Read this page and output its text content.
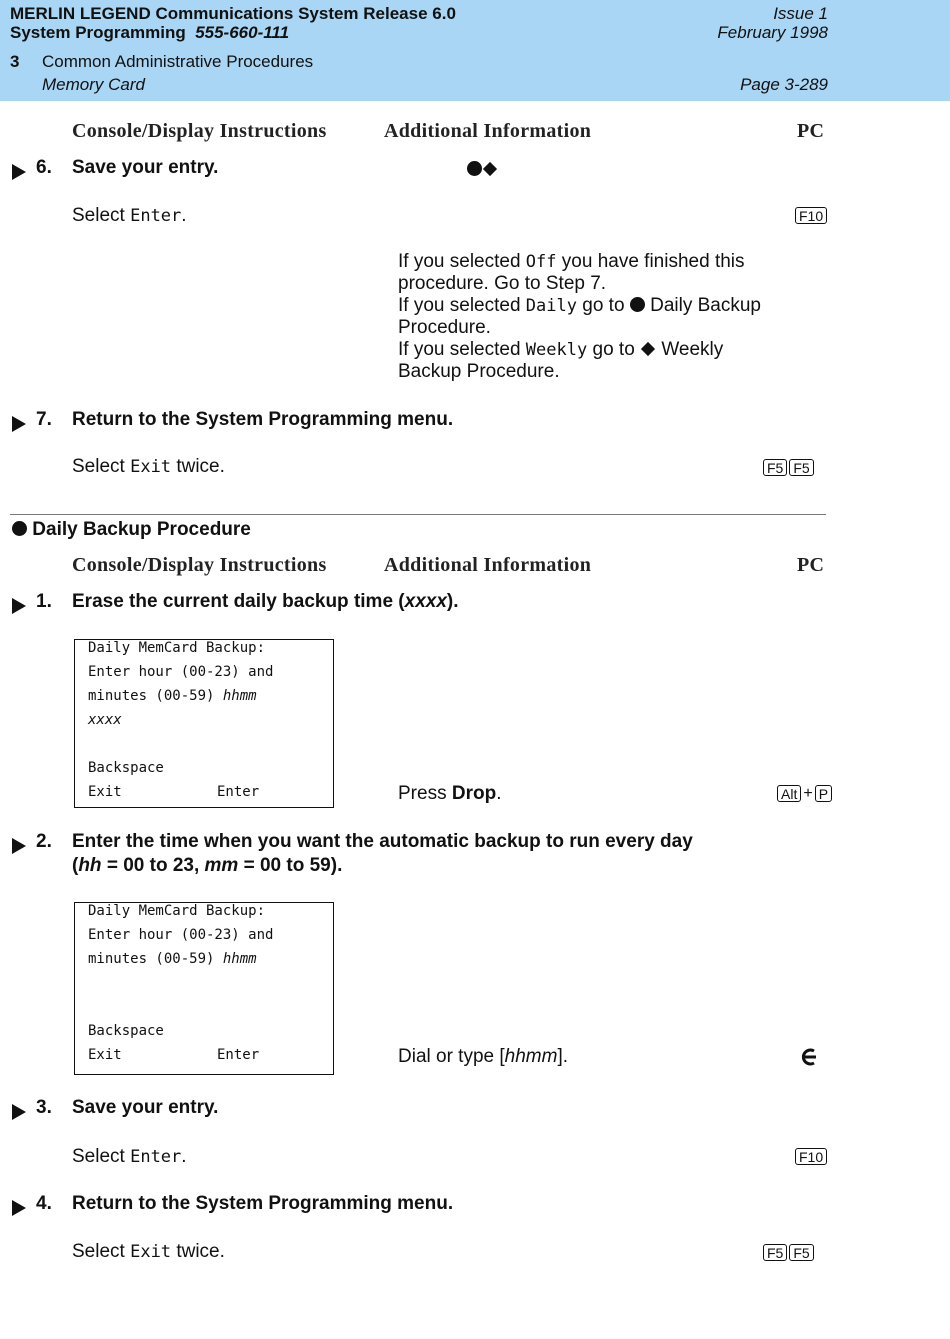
MERLIN LEGEND Communications System Release 6.0	Issue 1
System Programming 555-660-111	February 1998
3 Common Administrative Procedures
Memory Card	Page 3-289
Console/Display Instructions	Additional Information	PC
6. Save your entry.
Select Enter.	F10
If you selected Off you have finished this
procedure. Go to Step 7.
If you selected Daily go to  Daily Backup
Procedure.
If you selected Weekly go to  Weekly
Backup Procedure.
7. Return to the System Programming menu.
Select Exit twice.	F5 F5
Daily Backup Procedure
Console/Display Instructions	Additional Information	PC
1. Erase the current daily backup time (xxxx).
Daily MemCard Backup:
Enter hour (00-23) and
minutes (00-59) hhmm
xxxx
Backspace
Exit	Enter	Press Drop.	Alt + P
2. Enter the time when you want the automatic backup to run every day
(hh = 00 to 23, mm = 00 to 59).
Daily MemCard Backup:
Enter hour (00-23) and
minutes (00-59) hhmm
Backspace
Exit	Enter	Dial or type [hhmm].
3. Save your entry.
Select Enter.	F10
4. Return to the System Programming menu.
Select Exit twice.	F5 F5
